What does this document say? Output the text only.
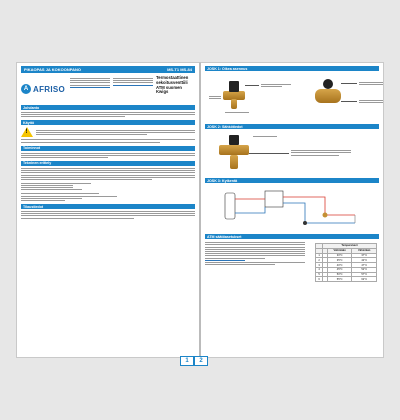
PIKAOPAS JA KOKOONPANO	MS-T1 MS-84
A AFRISO
Termostaattinen sekoitusventtiili ATM suomen Kwigs
Johdanto
Käyttö
!
Toiminnot
Tekninen erittely
Tilaustiedot
JOSK 1: Oikea asennus
JOSK 2: Sähkötiedot
JOSK 3: Kytkentä
ATM säätöasetukset
	Temperatuuri		
		Vähintään	Vähintään
1		30°C	37°C
2		35°C	42°C
3		40°C	47°C
4		45°C	52°C
5		50°C	57°C
6		55°C	62°C
1	2
